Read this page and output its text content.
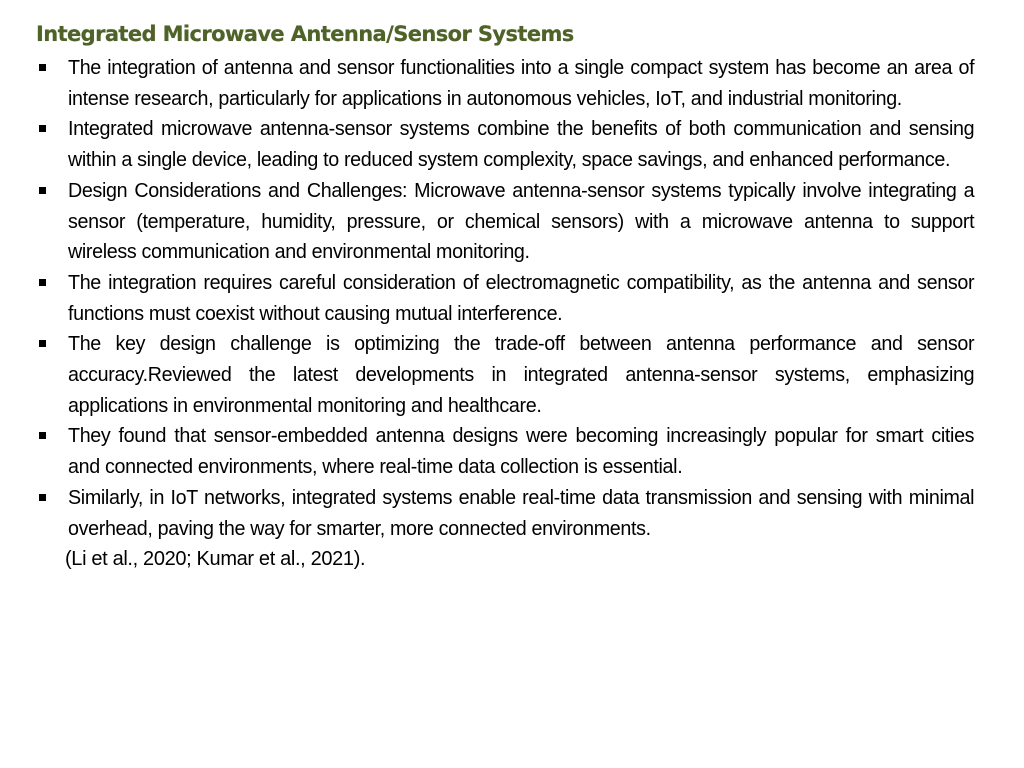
Integrated Microwave Antenna/Sensor Systems
The integration of antenna and sensor functionalities into a single compact system has become an area of intense research, particularly for applications in autonomous vehicles, IoT, and industrial monitoring.
Integrated microwave antenna-sensor systems combine the benefits of both communication and sensing within a single device, leading to reduced system complexity, space savings, and enhanced performance.
Design Considerations and Challenges: Microwave antenna-sensor systems typically involve integrating a sensor (temperature, humidity, pressure, or chemical sensors) with a microwave antenna to support wireless communication and environmental monitoring.
The integration requires careful consideration of electromagnetic compatibility, as the antenna and sensor functions must coexist without causing mutual interference.
The key design challenge is optimizing the trade-off between antenna performance and sensor accuracy.Reviewed the latest developments in integrated antenna-sensor systems, emphasizing applications in environmental monitoring and healthcare.
They found that sensor-embedded antenna designs were becoming increasingly popular for smart cities and connected environments, where real-time data collection is essential.
Similarly, in IoT networks, integrated systems enable real-time data transmission and sensing with minimal overhead, paving the way for smarter, more connected environments.
(Li et al., 2020; Kumar et al., 2021).
